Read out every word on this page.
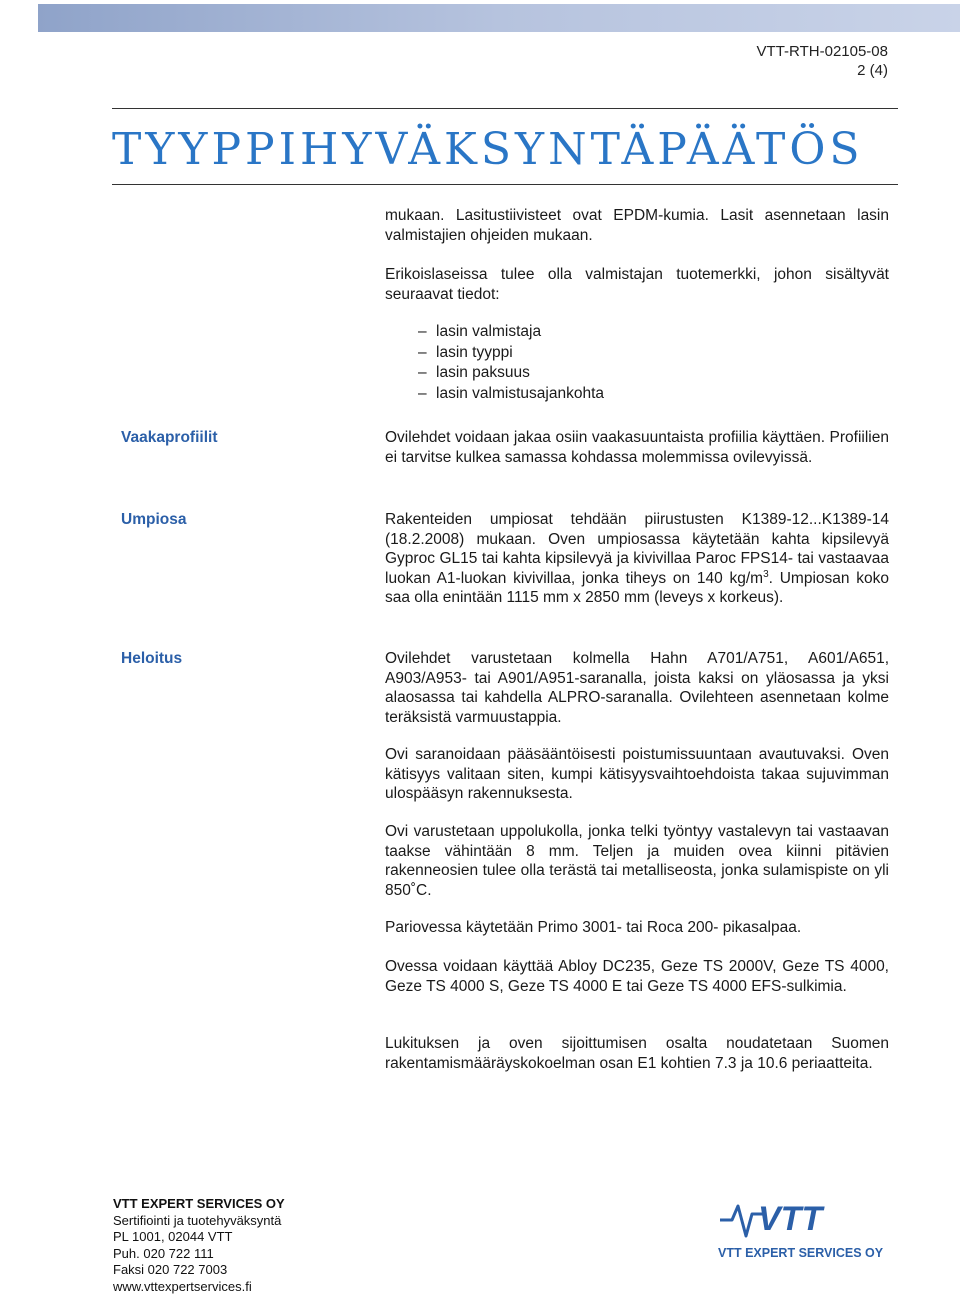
VTT-RTH-02105-08
2 (4)
TYYPPIHYVÄKSYNTÄPÄÄTÖS

mukaan. Lasitustiivisteet ovat EPDM-kumia. Lasit asennetaan lasin valmistajien ohjeiden mukaan.

Erikoislaseissa tulee olla valmistajan tuotemerkki, johon sisältyvät seuraavat tiedot:

– lasin valmistaja
– lasin tyyppi
– lasin paksuus
– lasin valmistusajankohta
Vaakaprofiilit	Ovilehdet voidaan jakaa osiin vaakasuuntaista profiilia käyttäen. Profiilien ei tarvitse kulkea samassa kohdassa molemmissa ovilevyissä.

Umpiosa	Rakenteiden umpiosat tehdään piirustusten K1389-12...K1389-14 (18.2.2008) mukaan. Oven umpiosassa käytetään kahta kipsilevyä Gyproc GL15 tai kahta kipsilevyä ja kivivillaa Paroc FPS14- tai vastaavaa luokan A1-luokan kivivillaa, jonka tiheys on 140 $kg/m^3$. Umpiosan koko saa olla enintään 1115 mm x 2850 mm (leveys x korkeus).

Heloitus	Ovilehdet varustetaan kolmella Hahn A701/A751, A601/A651, A903/A953- tai A901/A951-saranalla, joista kaksi on yläosassa ja yksi alaosassa tai kahdella ALPRO-saranalla. Ovilehteen asennetaan kolme teräksistä varmuustappia.

Ovi saranoidaan pääsääntöisesti poistumissuuntaan avautuvaksi. Oven kätisyys valitaan siten, kumpi kätisyysvaihtoehdoista takaa sujuvimman ulospääsyn rakennuksesta.

Ovi varustetaan uppolukolla, jonka telki työntyy vastalevyn tai vastaavan taakse vähintään 8 mm. Teljen ja muiden ovea kiinni pitävien rakenneosien tulee olla terästä tai metalliseosta, jonka sulamispiste on yli 850˚C.

Pariovessa käytetään Primo 3001- tai Roca 200- pikasalpaa.

Ovessa voidaan käyttää Abloy DC235, Geze TS 2000V, Geze TS 4000, Geze TS 4000 S, Geze TS 4000 E tai Geze TS 4000 EFS-sulkimia.

Lukituksen ja oven sijoittumisen osalta noudatetaan Suomen rakentamismääräyskokoelman osan E1 kohtien 7.3 ja 10.6 periaatteita.

VTT EXPERT SERVICES OY
Sertifiointi ja tuotehyväksyntä
PL 1001, 02044 VTT
Puh. 020 722 111
Faksi 020 722 7003
www.vttexpertservices.fi
VTT
VTT EXPERT SERVICES OY
